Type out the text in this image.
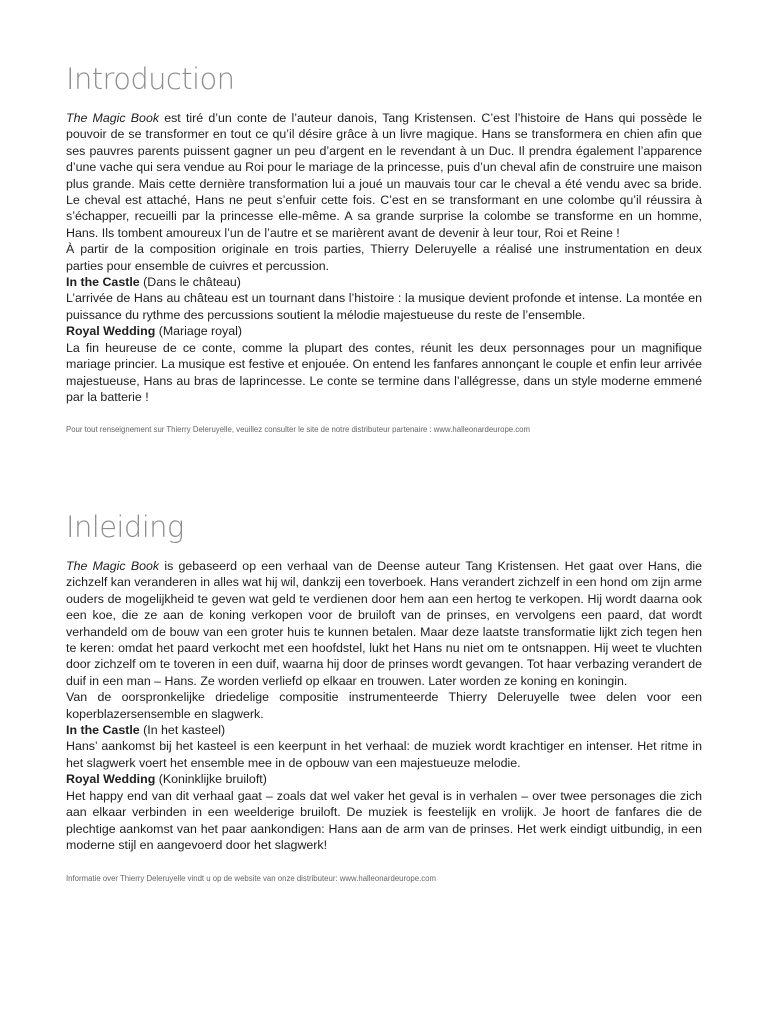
Introduction

The Magic Book est tiré d’un conte de l’auteur danois, Tang Kristensen. C’est l’histoire de Hans qui possède le pouvoir de se transformer en tout ce qu’il désire grâce à un livre magique. Hans se transformera en chien afin que ses pauvres parents puissent gagner un peu d’argent en le revendant à un Duc. Il prendra également l’apparence d’une vache qui sera vendue au Roi pour le mariage de la princesse, puis d’un cheval afin de construire une maison plus grande. Mais cette dernière transformation lui a joué un mauvais tour car le cheval a été vendu avec sa bride. Le cheval est attaché, Hans ne peut s’enfuir cette fois. C’est en se transformant en une colombe qu’il réussira à s’échapper, recueilli par la princesse elle-même. A sa grande surprise la colombe se transforme en un homme, Hans. Ils tombent amoureux l’un de l’autre et se marièrent avant de devenir à leur tour, Roi et Reine !

À partir de la composition originale en trois parties, Thierry Deleruyelle a réalisé une instrumentation en deux parties pour ensemble de cuivres et percussion.

In the Castle (Dans le château)

L’arrivée de Hans au château est un tournant dans l’histoire : la musique devient profonde et intense. La montée en puissance du rythme des percussions soutient la mélodie majestueuse du reste de l’ensemble.

Royal Wedding (Mariage royal)

La fin heureuse de ce conte, comme la plupart des contes, réunit les deux personnages pour un magnifique mariage princier. La musique est festive et enjouée. On entend les fanfares annonçant le couple et enfin leur arrivée majestueuse, Hans au bras de laprincesse. Le conte se termine dans l’allégresse, dans un style moderne emmené par la batterie !

Pour tout renseignement sur Thierry Deleruyelle, veuillez consulter le site de notre distributeur partenaire : www.halleonardeurope.com

Inleiding

The Magic Book is gebaseerd op een verhaal van de Deense auteur Tang Kristensen. Het gaat over Hans, die zichzelf kan veranderen in alles wat hij wil, dankzij een toverboek. Hans verandert zichzelf in een hond om zijn arme ouders de mogelijkheid te geven wat geld te verdienen door hem aan een hertog te verkopen. Hij wordt daarna ook een koe, die ze aan de koning verkopen voor de bruiloft van de prinses, en vervolgens een paard, dat wordt verhandeld om de bouw van een groter huis te kunnen betalen. Maar deze laatste transformatie lijkt zich tegen hen te keren: omdat het paard verkocht met een hoofdstel, lukt het Hans nu niet om te ontsnappen. Hij weet te vluchten door zichzelf om te toveren in een duif, waarna hij door de prinses wordt gevangen. Tot haar verbazing verandert de duif in een man – Hans. Ze worden verliefd op elkaar en trouwen. Later worden ze koning en koningin.

Van de oorspronkelijke driedelige compositie instrumenteerde Thierry Deleruyelle twee delen voor een koperblazersensemble en slagwerk.

In the Castle (In het kasteel)

Hans’ aankomst bij het kasteel is een keerpunt in het verhaal: de muziek wordt krachtiger en intenser. Het ritme in het slagwerk voert het ensemble mee in de opbouw van een majestueuze melodie.

Royal Wedding (Koninklijke bruiloft)

Het happy end van dit verhaal gaat – zoals dat wel vaker het geval is in verhalen – over twee personages die zich aan elkaar verbinden in een weelderige bruiloft. De muziek is feestelijk en vrolijk. Je hoort de fanfares die de plechtige aankomst van het paar aankondigen: Hans aan de arm van de prinses. Het werk eindigt uitbundig, in een moderne stijl en aangevoerd door het slagwerk!

Informatie over Thierry Deleruyelle vindt u op de website van onze distributeur: www.halleonardeurope.com
